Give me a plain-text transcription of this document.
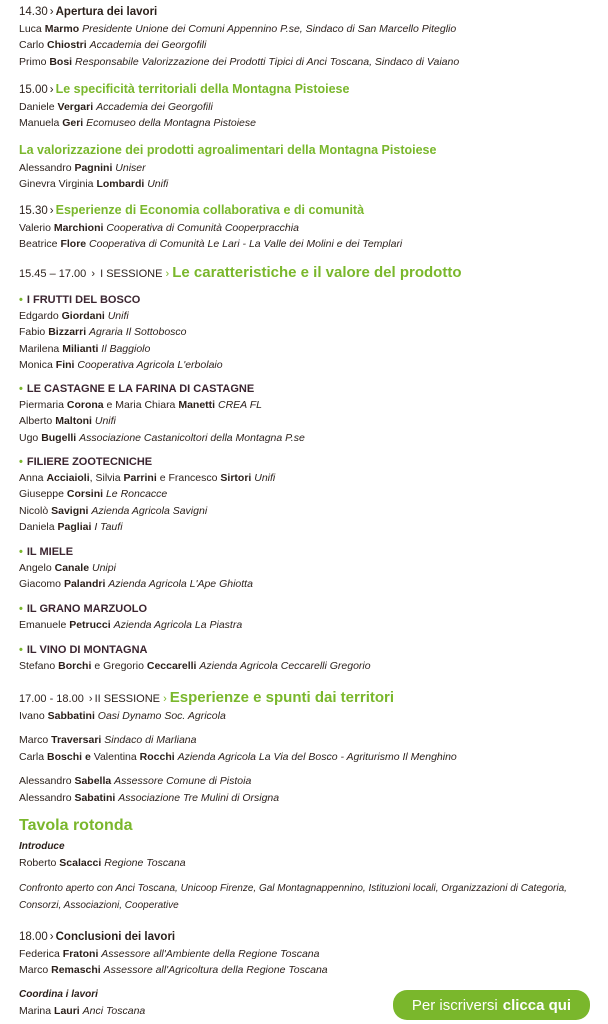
14.30 › Apertura dei lavori
Luca Marmo Presidente Unione dei Comuni Appennino P.se, Sindaco di San Marcello Piteglio
Carlo Chiostri Accademia dei Georgofili
Primo Bosi Responsabile Valorizzazione dei Prodotti Tipici di Anci Toscana, Sindaco di Vaiano
15.00 › Le specificità territoriali della Montagna Pistoiese
Daniele Vergari Accademia dei Georgofili
Manuela Geri Ecomuseo della Montagna Pistoiese
La valorizzazione dei prodotti agroalimentari della Montagna Pistoiese
Alessandro Pagnini Uniser
Ginevra Virginia Lombardi Unifi
15.30 › Esperienze di Economia collaborativa e di comunità
Valerio Marchioni Cooperativa di Comunità Cooperpracchia
Beatrice Flore Cooperativa di Comunità Le Lari - La Valle dei Molini e dei Templari
15.45 – 17.00 › I SESSIONE › Le caratteristiche e il valore del prodotto
• I FRUTTI DEL BOSCO
Edgardo Giordani Unifi
Fabio Bizzarri Agraria Il Sottobosco
Marilena Milianti Il Baggiolo
Monica Fini Cooperativa Agricola L'erbolaio
• LE CASTAGNE E LA FARINA DI CASTAGNE
Piermaria Corona e Maria Chiara Manetti CREA FL
Alberto Maltoni Unifi
Ugo Bugelli Associazione Castanicoltori della Montagna P.se
• FILIERE ZOOTECNICHE
Anna Acciaioli, Silvia Parrini e Francesco Sirtori Unifi
Giuseppe Corsini Le Roncacce
Nicolò Savigni Azienda Agricola Savigni
Daniela Pagliai I Taufi
• IL MIELE
Angelo Canale Unipi
Giacomo Palandri Azienda Agricola L'Ape Ghiotta
• IL GRANO MARZUOLO
Emanuele Petrucci Azienda Agricola La Piastra
• IL VINO DI MONTAGNA
Stefano Borchi e Gregorio Ceccarelli Azienda Agricola Ceccarelli Gregorio
17.00 - 18.00 › II SESSIONE › Esperienze e spunti dai territori
Ivano Sabbatini Oasi Dynamo Soc. Agricola
Marco Traversari Sindaco di Marliana
Carla Boschi e Valentina Rocchi Azienda Agricola La Via del Bosco - Agriturismo Il Menghino
Alessandro Sabella Assessore Comune di Pistoia
Alessandro Sabatini Associazione Tre Mulini di Orsigna
Tavola rotonda
Introduce
Roberto Scalacci Regione Toscana
Confronto aperto con Anci Toscana, Unicoop Firenze, Gal Montagnappennino, Istituzioni locali, Organizzazioni di Categoria, Consorzi, Associazioni, Cooperative
18.00 › Conclusioni dei lavori
Federica Fratoni Assessore all'Ambiente della Regione Toscana
Marco Remaschi Assessore all'Agricoltura della Regione Toscana
Coordina i lavori
Marina Lauri Anci Toscana	Per iscriversi clicca qui
